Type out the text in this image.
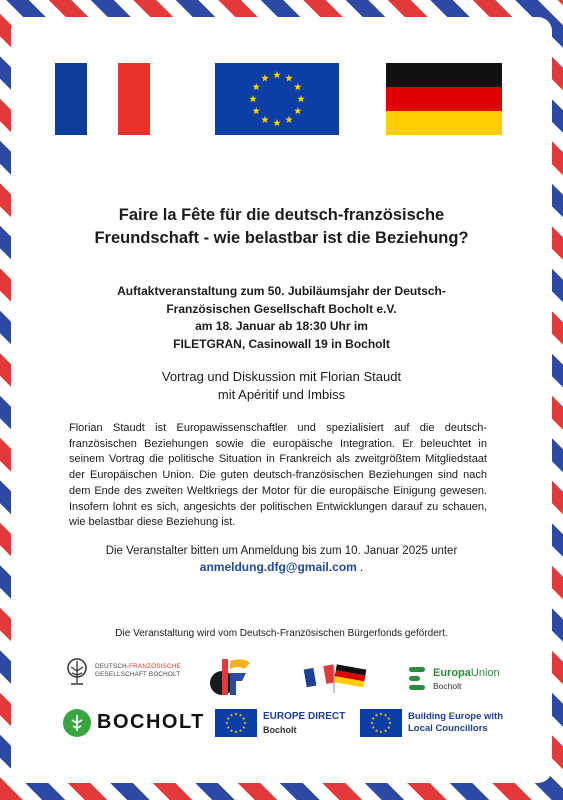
Faire la Fête für die deutsch-französische
Freundschaft - wie belastbar ist die Beziehung?
Auftaktveranstaltung zum 50. Jubiläumsjahr der Deutsch-
Französischen Gesellschaft Bocholt e.V.
am 18. Januar ab 18:30 Uhr im
FILETGRAN, Casinowall 19 in Bocholt
Vortrag und Diskussion mit Florian Staudt
mit Apéritif und Imbiss
Florian Staudt ist Europawissenschaftler und spezialisiert auf die deutsch-französischen Beziehungen sowie die europäische Integration. Er beleuchtet in seinem Vortrag die politische Situation in Frankreich als zweitgrößtem Mitgliedstaat der Europäischen Union. Die guten deutsch-französischen Beziehungen sind nach dem Ende des zweiten Weltkriegs der Motor für die europäische Einigung gewesen. Insofern lohnt es sich, angesichts der politischen Entwicklungen darauf zu schauen, wie belastbar diese Beziehung ist.
Die Veranstalter bitten um Anmeldung bis zum 10. Januar 2025 unter
anmeldung.dfg@gmail.com .
Die Veranstaltung wird vom Deutsch-Französischen Bürgerfonds gefördert.
DEUTSCH-FRANZÖSISCHE
GESELLSCHAFT BOCHOLT	EuropaUnion
Bocholt
BOCHOLT	EUROPE DIRECT
Bocholt
Building Europe with
Local Councillors
